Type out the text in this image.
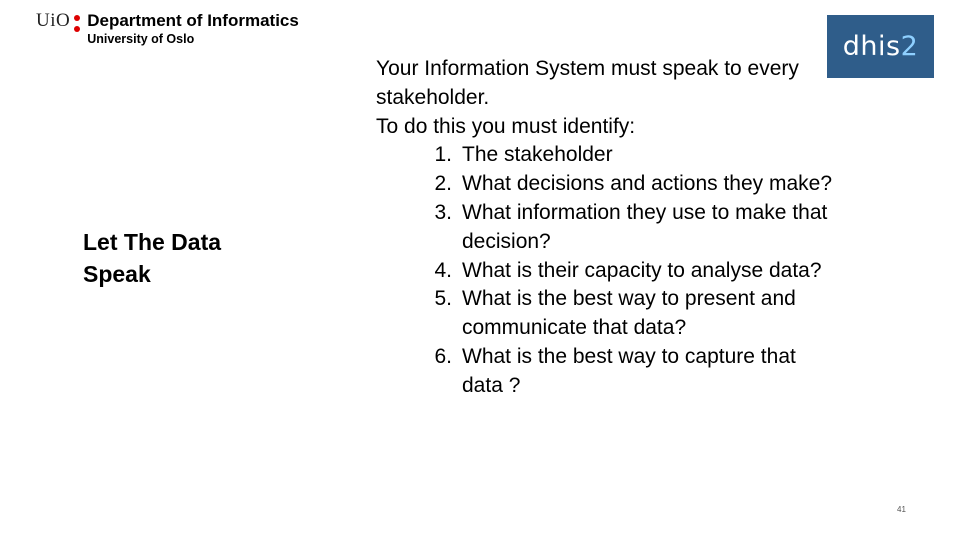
UiO Department of Informatics
University of Oslo	dhis 2
Let The Data Speak
Your Information System must speak to every stakeholder.
To do this you must identify:
1. The stakeholder
2. What decisions and actions they make?
3. What information they use to make that decision?
4. What is their capacity to analyse data?
5. What is the best way to present and communicate that data?
6. What is the best way to capture that data ?
41
